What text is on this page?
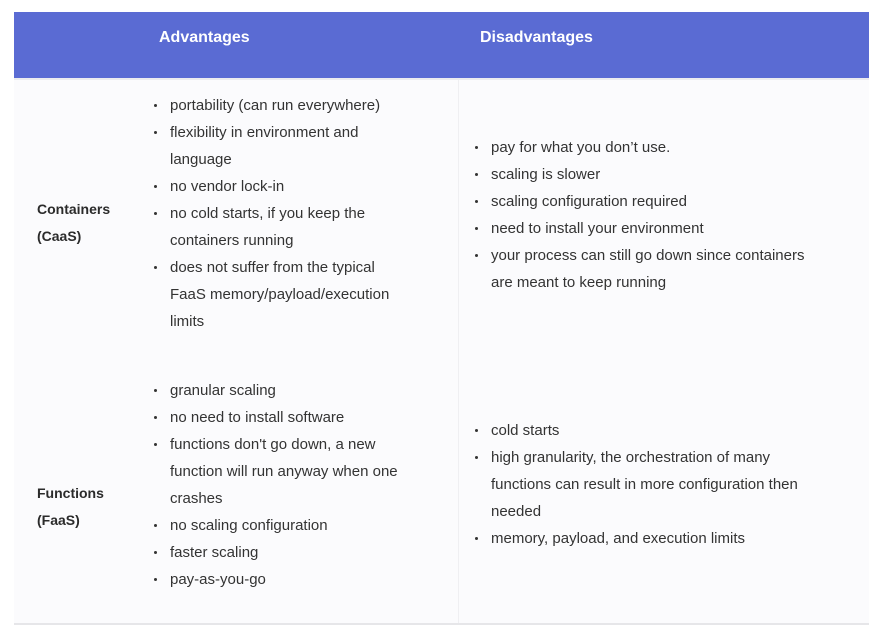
Advantages	Disadvantages
Containers
(CaaS)
portability (can run everywhere)
flexibility in environment and language
no vendor lock-in
no cold starts, if you keep the containers running
does not suffer from the typical FaaS memory/payload/execution limits
pay for what you don’t use.
scaling is slower
scaling configuration required
need to install your environment
your process can still go down since containers are meant to keep running
Functions
(FaaS)
granular scaling
no need to install software
functions don't go down, a new function will run anyway when one crashes
no scaling configuration
faster scaling
pay-as-you-go
cold starts
high granularity, the orchestration of many functions can result in more configuration then needed
memory, payload, and execution limits
